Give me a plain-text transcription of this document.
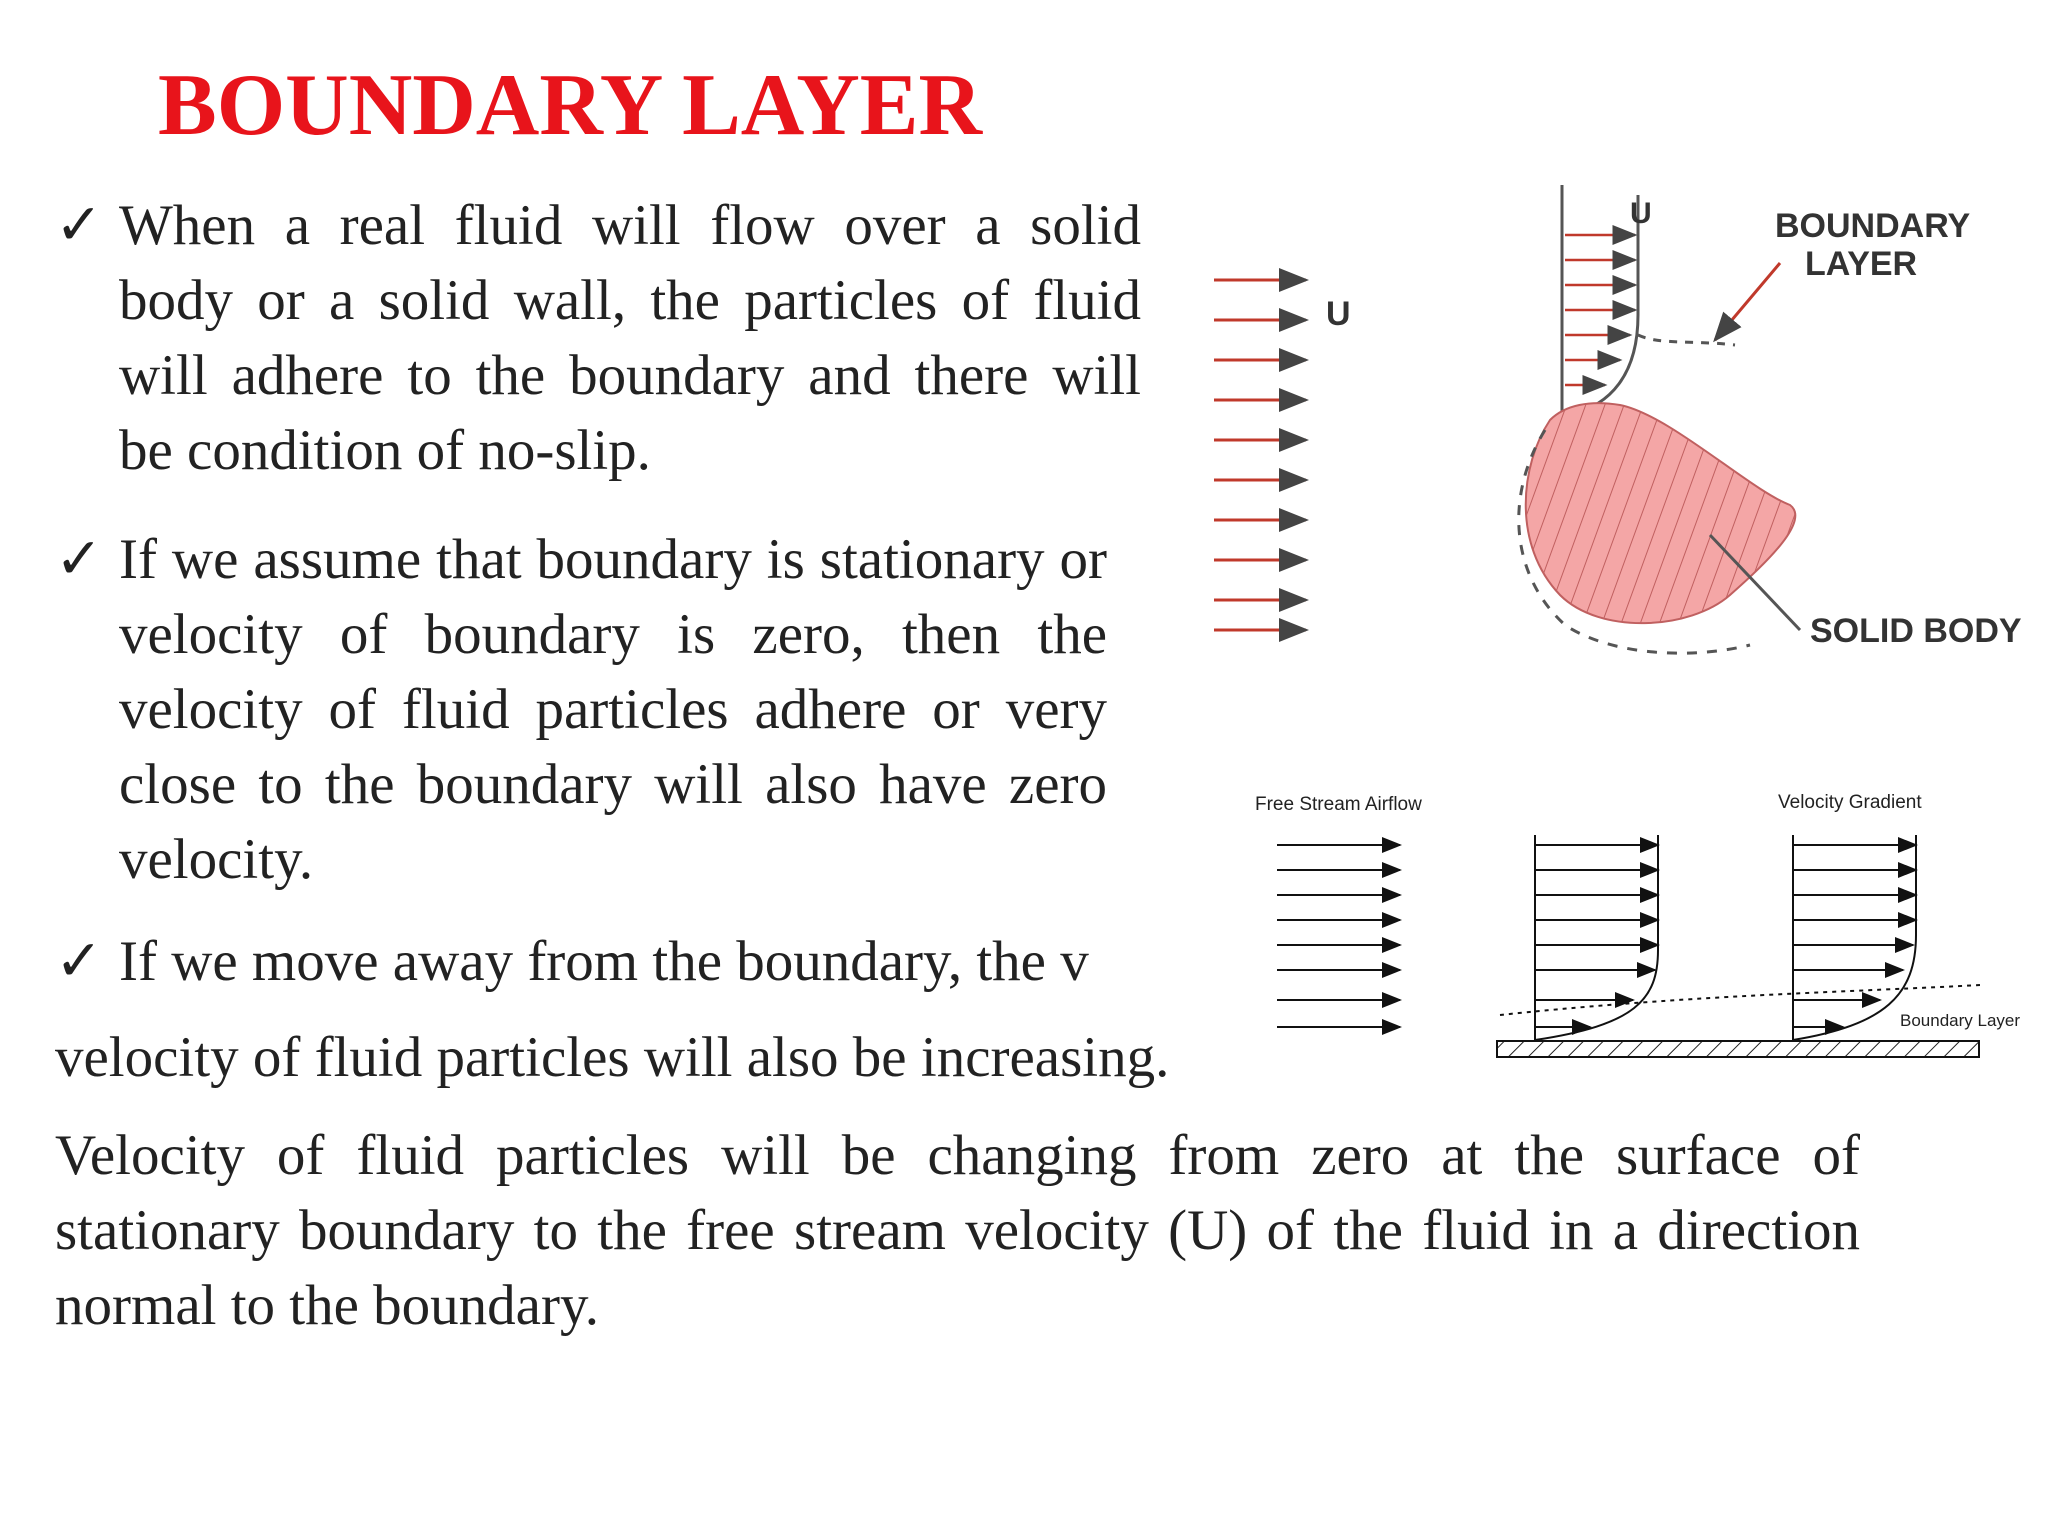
BOUNDARY LAYER
✓ When a real fluid will flow over a solid body or a solid wall, the particles of fluid will adhere to the boundary and there will be condition of no-slip.
✓ If we assume that boundary is stationary or velocity of boundary is zero, then the velocity of fluid particles adhere or very close to the boundary will also have zero velocity.
✓ If we move away from the boundary, the v
velocity of fluid particles will also be increasing.
Velocity of fluid particles will be changing from zero at the surface of stationary boundary to the free stream velocity (U) of the fluid in a direction normal to the boundary.
U
U	BOUNDARY
LAYER
SOLID BODY
Free Stream Airflow	Velocity Gradient
Boundary Layer
